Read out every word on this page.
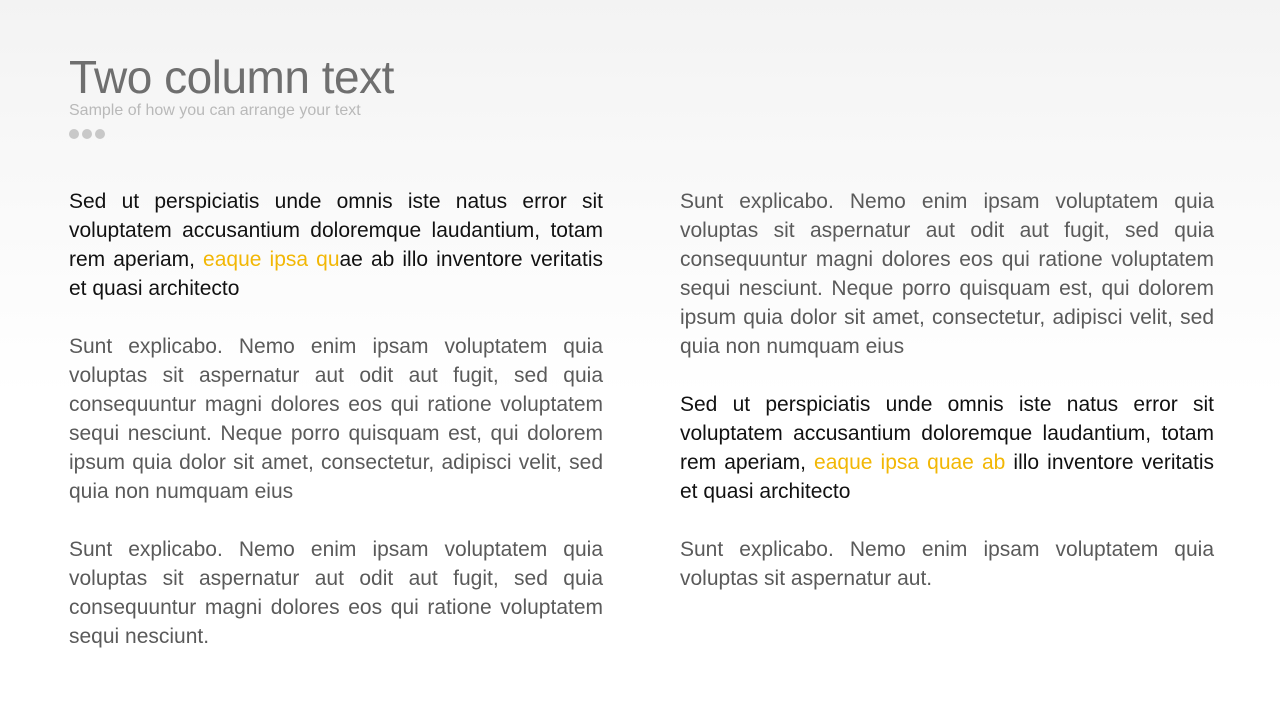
Two column text

Sample of how you can arrange your text

Sed ut perspiciatis unde omnis iste natus error sit voluptatem accusantium doloremque laudantium, totam rem aperiam, eaque ipsa quae ab illo inventore veritatis et quasi architecto

Sunt explicabo. Nemo enim ipsam voluptatem quia voluptas sit aspernatur aut odit aut fugit, sed quia consequuntur magni dolores eos qui ratione voluptatem sequi nesciunt. Neque porro quisquam est, qui dolorem ipsum quia dolor sit amet, consectetur, adipisci velit, sed quia non numquam eius

Sunt explicabo. Nemo enim ipsam voluptatem quia voluptas sit aspernatur aut odit aut fugit, sed quia consequuntur magni dolores eos qui ratione voluptatem sequi nesciunt.

Sunt explicabo. Nemo enim ipsam voluptatem quia voluptas sit aspernatur aut odit aut fugit, sed quia consequuntur magni dolores eos qui ratione voluptatem sequi nesciunt. Neque porro quisquam est, qui dolorem ipsum quia dolor sit amet, consectetur, adipisci velit, sed quia non numquam eius

Sed ut perspiciatis unde omnis iste natus error sit voluptatem accusantium doloremque laudantium, totam rem aperiam, eaque ipsa quae ab illo inventore veritatis et quasi architecto

Sunt explicabo. Nemo enim ipsam voluptatem quia voluptas sit aspernatur aut.
